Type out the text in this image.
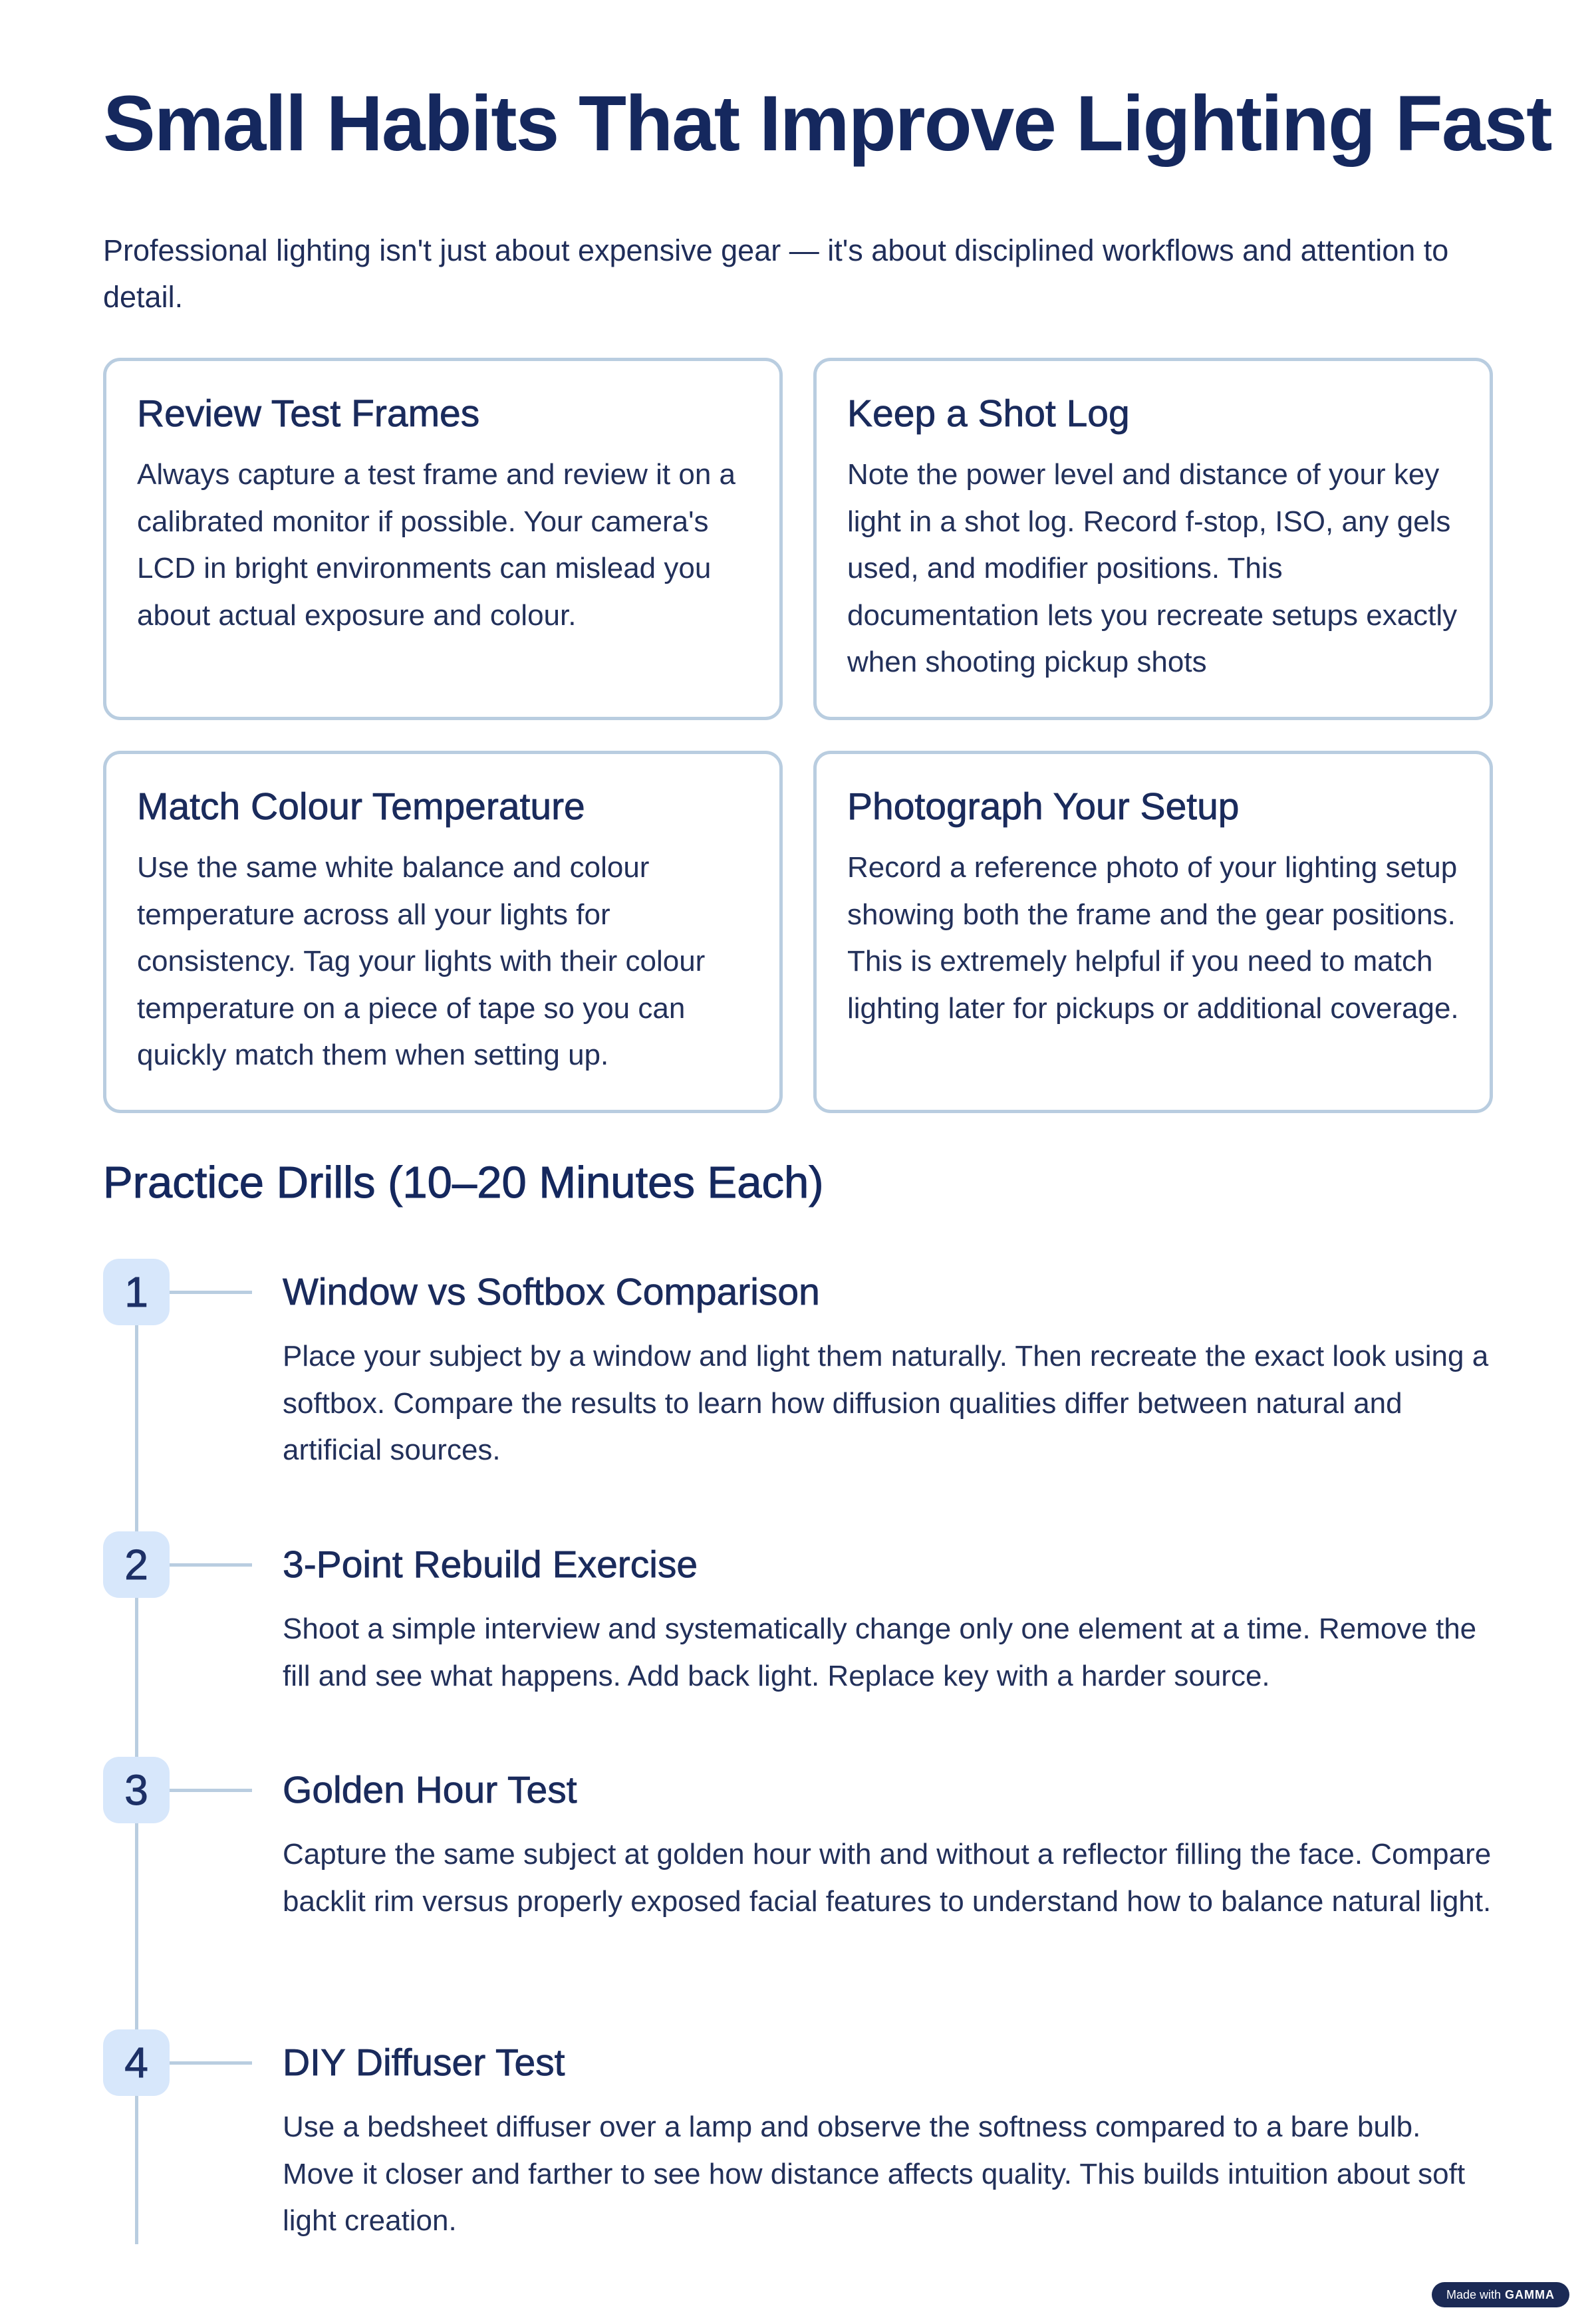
Small Habits That Improve Lighting Fast

Professional lighting isn't just about expensive gear — it's about disciplined workflows and attention to detail.

Review Test Frames

Always capture a test frame and review it on a calibrated monitor if possible. Your camera's LCD in bright environments can mislead you about actual exposure and colour.

Keep a Shot Log

Note the power level and distance of your key light in a shot log. Record f-stop, ISO, any gels used, and modifier positions. This documentation lets you recreate setups exactly when shooting pickup shots

Match Colour Temperature

Use the same white balance and colour temperature across all your lights for consistency. Tag your lights with their colour temperature on a piece of tape so you can quickly match them when setting up.

Photograph Your Setup

Record a reference photo of your lighting setup showing both the frame and the gear positions. This is extremely helpful if you need to match lighting later for pickups or additional coverage.

Practice Drills (10–20 Minutes Each)
1	Window vs Softbox Comparison

Place your subject by a window and light them naturally. Then recreate the exact look using a softbox. Compare the results to learn how diffusion qualities differ between natural and artificial sources.

2	3-Point Rebuild Exercise

Shoot a simple interview and systematically change only one element at a time. Remove the fill and see what happens. Add back light. Replace key with a harder source.

3	Golden Hour Test

Capture the same subject at golden hour with and without a reflector filling the face. Compare backlit rim versus properly exposed facial features to understand how to balance natural light.

4	DIY Diffuser Test

Use a bedsheet diffuser over a lamp and observe the softness compared to a bare bulb. Move it closer and farther to see how distance affects quality. This builds intuition about soft light creation.

Made with GAMMA
